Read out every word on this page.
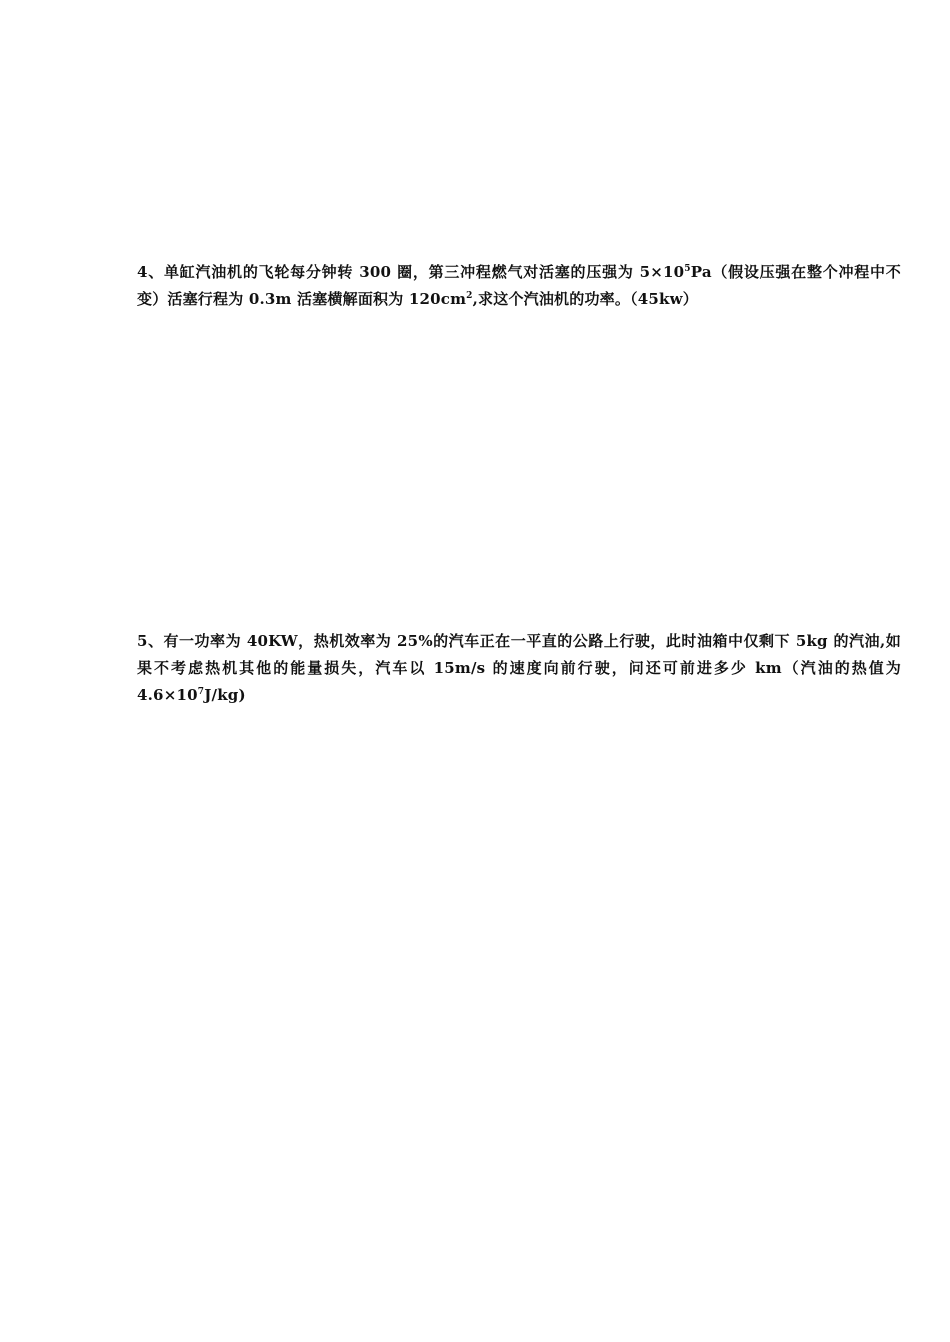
4、单缸汽油机的飞轮每分钟转 300 圈，第三冲程燃气对活塞的压强为 $5\times 10^5Pa$（假设压强在整个冲程中不
变）活塞行程为 0.3m 活塞横解面积为 $120cm^2$,求这个汽油机的功率。（45kw）
5、有一功率为 40KW，热机效率为 25%的汽车正在一平直的公路上行驶，此时油箱中仅剩下 5kg 的汽油,如
果不考虑热机其他的能量损失，汽车以 15m/s 的速度向前行驶，问还可前进多少 km（汽油的热值为
$4.6\times 10^7J/kg$)
